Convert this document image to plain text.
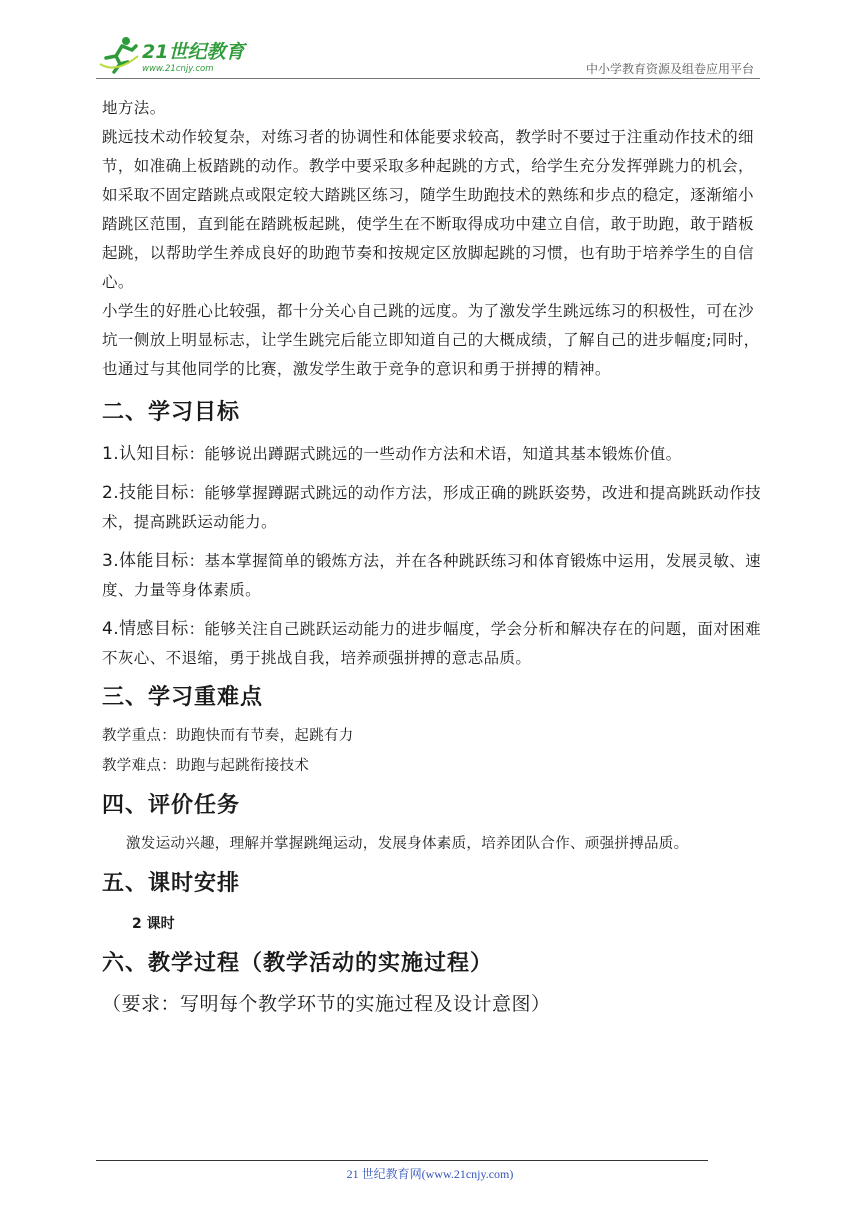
21世纪教育
www.21cnjy.com	中小学教育资源及组卷应用平台

地方法。

跳远技术动作较复杂，对练习者的协调性和体能要求较高，教学时不要过于注重动作技术的细节，如准确上板踏跳的动作。教学中要采取多种起跳的方式，给学生充分发挥弹跳力的机会，如采取不固定踏跳点或限定较大踏跳区练习，随学生助跑技术的熟练和步点的稳定，逐渐缩小踏跳区范围，直到能在踏跳板起跳，使学生在不断取得成功中建立自信，敢于助跑，敢于踏板起跳，以帮助学生养成良好的助跑节奏和按规定区放脚起跳的习惯，也有助于培养学生的自信心。

小学生的好胜心比较强，都十分关心自己跳的远度。为了激发学生跳远练习的积极性，可在沙坑一侧放上明显标志，让学生跳完后能立即知道自己的大概成绩，了解自己的进步幅度;同时，也通过与其他同学的比赛，激发学生敢于竞争的意识和勇于拼搏的精神。

二、学习目标

1.认知目标：能够说出蹲踞式跳远的一些动作方法和术语，知道其基本锻炼价值。

2.技能目标：能够掌握蹲踞式跳远的动作方法，形成正确的跳跃姿势，改进和提高跳跃动作技术，提高跳跃运动能力。

3.体能目标：基本掌握简单的锻炼方法，并在各种跳跃练习和体育锻炼中运用，发展灵敏、速度、力量等身体素质。

4.情感目标：能够关注自己跳跃运动能力的进步幅度，学会分析和解决存在的问题，面对困难不灰心、不退缩，勇于挑战自我，培养顽强拼搏的意志品质。

三、学习重难点

教学重点：助跑快而有节奏，起跳有力

教学难点：助跑与起跳衔接技术

四、评价任务

激发运动兴趣，理解并掌握跳绳运动，发展身体素质，培养团队合作、顽强拼搏品质。

五、课时安排

2 课时

六、教学过程（教学活动的实施过程）

（要求：写明每个教学环节的实施过程及设计意图）

21 世纪教育网(www.21cnjy.com)
